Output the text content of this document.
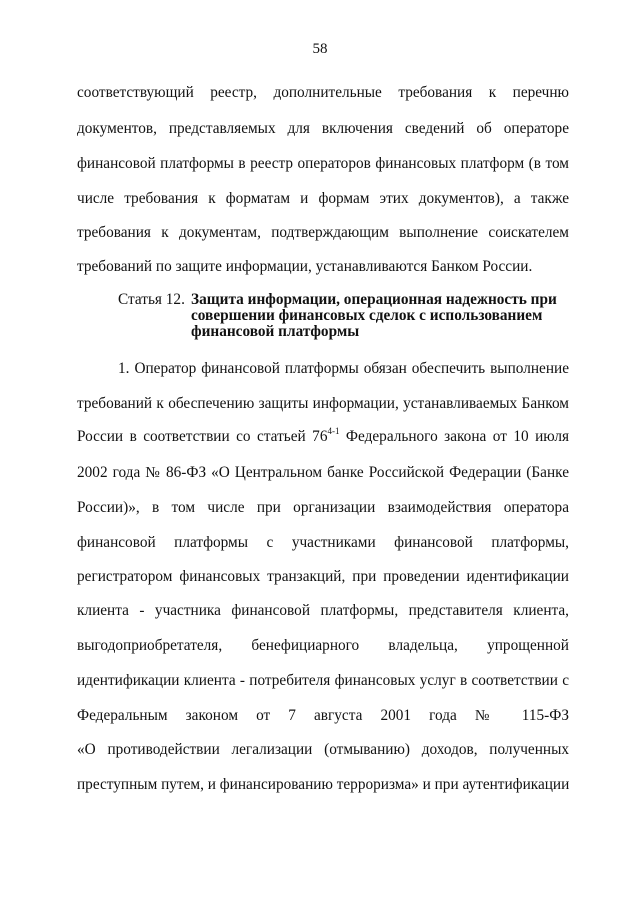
58
соответствующий реестр, дополнительные требования к перечню
документов, представляемых для включения сведений об операторе
финансовой платформы в реестр операторов финансовых платформ (в том
числе требования к форматам и формам этих документов), а также
требования к документам, подтверждающим выполнение соискателем
требований по защите информации, устанавливаются Банком России.
Статья 12. Защита информации, операционная надежность при
совершении финансовых сделок с использованием
финансовой платформы
1. Оператор финансовой платформы обязан обеспечить выполнение
требований к обеспечению защиты информации, устанавливаемых Банком
России в соответствии со статьей 76$^{4-1}$ Федерального закона от 10 июля
2002 года № 86-ФЗ «О Центральном банке Российской Федерации (Банке
России)», в том числе при организации взаимодействия оператора
финансовой платформы с участниками финансовой платформы,
регистратором финансовых транзакций, при проведении идентификации
клиента - участника финансовой платформы, представителя клиента,
выгодоприобретателя, бенефициарного владельца, упрощенной
идентификации клиента - потребителя финансовых услуг в соответствии с
Федеральным законом от 7 августа 2001 года № 115-ФЗ
«О противодействии легализации (отмыванию) доходов, полученных
преступным путем, и финансированию терроризма» и при аутентификации
